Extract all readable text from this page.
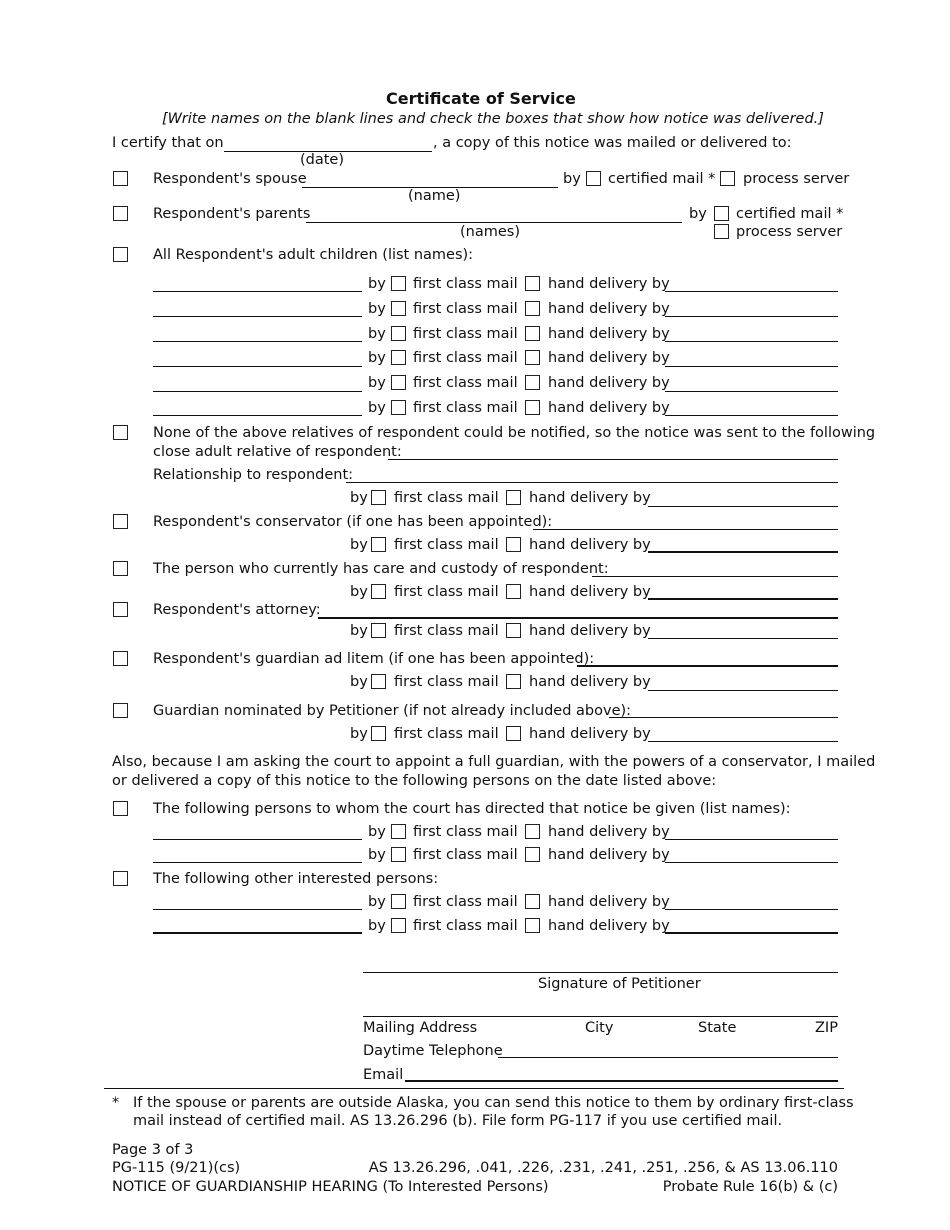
Certificate of Service
[Write names on the blank lines and check the boxes that show how notice was delivered.]
I certify that on	, a copy of this notice was mailed or delivered to:
(date)
Respondent's spouse	by certified mail * process server
(name)
Respondent's parents	by certified mail *
process server
(names)
All Respondent's adult children (list names):
by first class mail hand delivery by
by first class mail hand delivery by
by first class mail hand delivery by
by first class mail hand delivery by
by first class mail hand delivery by
by first class mail hand delivery by
None of the above relatives of respondent could be notified, so the notice was sent to the following
close adult relative of respondent:
Relationship to respondent:
by first class mail hand delivery by
Respondent's conservator (if one has been appointed):
by first class mail hand delivery by
The person who currently has care and custody of respondent:
by first class mail hand delivery by
Respondent's attorney:
by first class mail hand delivery by
Respondent's guardian ad litem (if one has been appointed):
by first class mail hand delivery by
Guardian nominated by Petitioner (if not already included above):
by first class mail hand delivery by
Also, because I am asking the court to appoint a full guardian, with the powers of a conservator, I mailed
or delivered a copy of this notice to the following persons on the date listed above:
The following persons to whom the court has directed that notice be given (list names):
by first class mail hand delivery by
by first class mail hand delivery by
The following other interested persons:
by first class mail hand delivery by
by first class mail hand delivery by
Signature of Petitioner
Mailing Address	City	State	ZIP
Daytime Telephone
Email
* If the spouse or parents are outside Alaska, you can send this notice to them by ordinary first-class
mail instead of certified mail. AS 13.26.296 (b). File form PG-117 if you use certified mail.
Page 3 of 3
PG-115 (9/21)(cs)	AS 13.26.296, .041, .226, .231, .241, .251, .256, & AS 13.06.110
NOTICE OF GUARDIANSHIP HEARING (To Interested Persons)	Probate Rule 16(b) & (c)
